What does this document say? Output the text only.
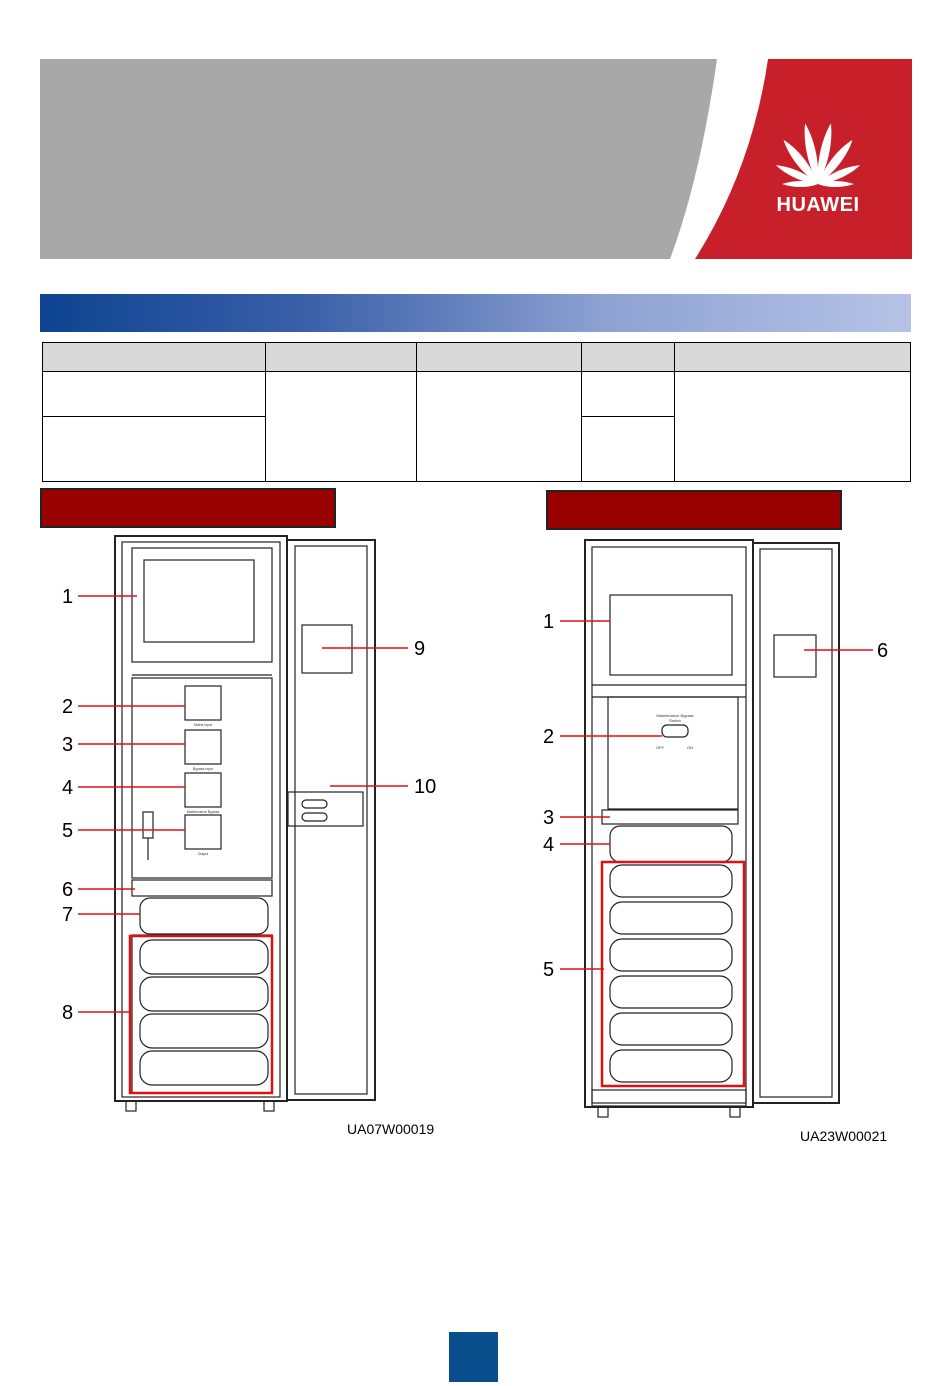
HUAWEI

Mains Input
Bypass Input
Maintenance Bypass
Output
1
2
3
4
5
6
7
8
9
10
UA07W00019
Maintenance Bypass
Switch
OFF	ON
1
2
3
4
5
6
UA23W00021
